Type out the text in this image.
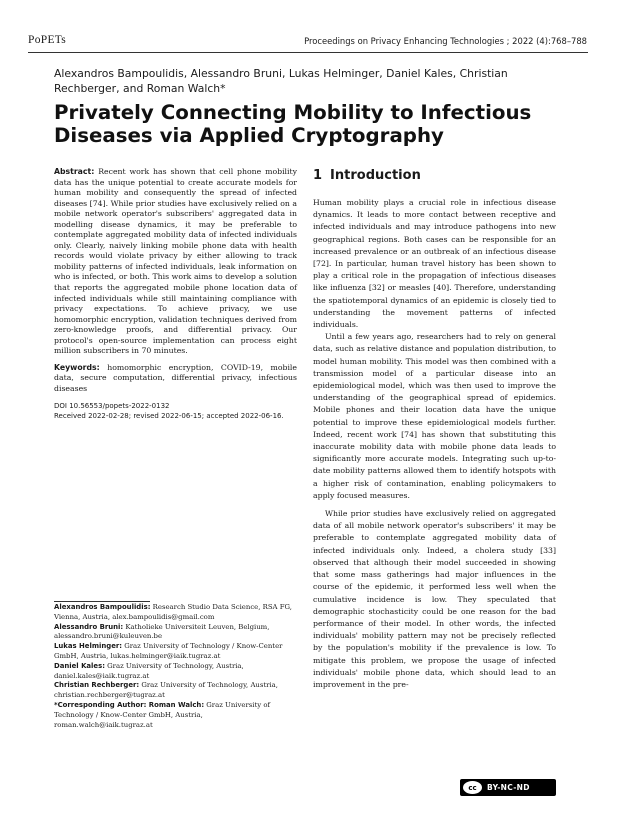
PoPETs	Proceedings on Privacy Enhancing Technologies ; 2022 (4):768–788
Alexandros Bampoulidis, Alessandro Bruni, Lukas Helminger, Daniel Kales, Christian Rechberger, and Roman Walch*
Privately Connecting Mobility to Infectious Diseases via Applied Cryptography

Abstract: Recent work has shown that cell phone mobility data has the unique potential to create accurate models for human mobility and consequently the spread of infected diseases [74]. While prior studies have exclusively relied on a mobile network operator's subscribers' aggregated data in modelling disease dynamics, it may be preferable to contemplate aggregated mobility data of infected individuals only. Clearly, naively linking mobile phone data with health records would violate privacy by either allowing to track mobility patterns of infected individuals, leak information on who is infected, or both. This work aims to develop a solution that reports the aggregated mobile phone location data of infected individuals while still maintaining compliance with privacy expectations. To achieve privacy, we use homomorphic encryption, validation techniques derived from zero-knowledge proofs, and differential privacy. Our protocol's open-source implementation can process eight million subscribers in 70 minutes.

Keywords: homomorphic encryption, COVID-19, mobile data, secure computation, differential privacy, infectious diseases

DOI 10.56553/popets-2022-0132
Received 2022-02-28; revised 2022-06-15; accepted 2022-06-16.

Alexandros Bampoulidis: Research Studio Data Science, RSA FG, Vienna, Austria, alex.bampoulidis@gmail.com

Alessandro Bruni: Katholieke Universiteit Leuven, Belgium, alessandro.bruni@kuleuven.be

Lukas Helminger: Graz University of Technology / Know-Center GmbH, Austria, lukas.helminger@iaik.tugraz.at

Daniel Kales: Graz University of Technology, Austria, daniel.kales@iaik.tugraz.at

Christian Rechberger: Graz University of Technology, Austria, christian.rechberger@tugraz.at

*Corresponding Author: Roman Walch: Graz University of Technology / Know-Center GmbH, Austria, roman.walch@iaik.tugraz.at

1 Introduction

Human mobility plays a crucial role in infectious disease dynamics. It leads to more contact between receptive and infected individuals and may introduce pathogens into new geographical regions. Both cases can be responsible for an increased prevalence or an outbreak of an infectious disease [72]. In particular, human travel history has been shown to play a critical role in the propagation of infectious diseases like influenza [32] or measles [40]. Therefore, understanding the spatiotemporal dynamics of an epidemic is closely tied to understanding the movement patterns of infected individuals.

Until a few years ago, researchers had to rely on general data, such as relative distance and population distribution, to model human mobility. This model was then combined with a transmission model of a particular disease into an epidemiological model, which was then used to improve the understanding of the geographical spread of epidemics. Mobile phones and their location data have the unique potential to improve these epidemiological models further. Indeed, recent work [74] has shown that substituting this inaccurate mobility data with mobile phone data leads to significantly more accurate models. Integrating such up-to-date mobility patterns allowed them to identify hotspots with a higher risk of contamination, enabling policymakers to apply focused measures.

While prior studies have exclusively relied on aggregated data of all mobile network operator's subscribers' it may be preferable to contemplate aggregated mobility data of infected individuals only. Indeed, a cholera study [33] observed that although their model succeeded in showing that some mass gatherings had major influences in the course of the epidemic, it performed less well when the cumulative incidence is low. They speculated that demographic stochasticity could be one reason for the bad performance of their model. In other words, the infected individuals' mobility pattern may not be precisely reflected by the population's mobility if the prevalence is low. To mitigate this problem, we propose the usage of infected individuals' mobile phone data, which should lead to an improvement in the pre-

cc	BY-NC-ND
